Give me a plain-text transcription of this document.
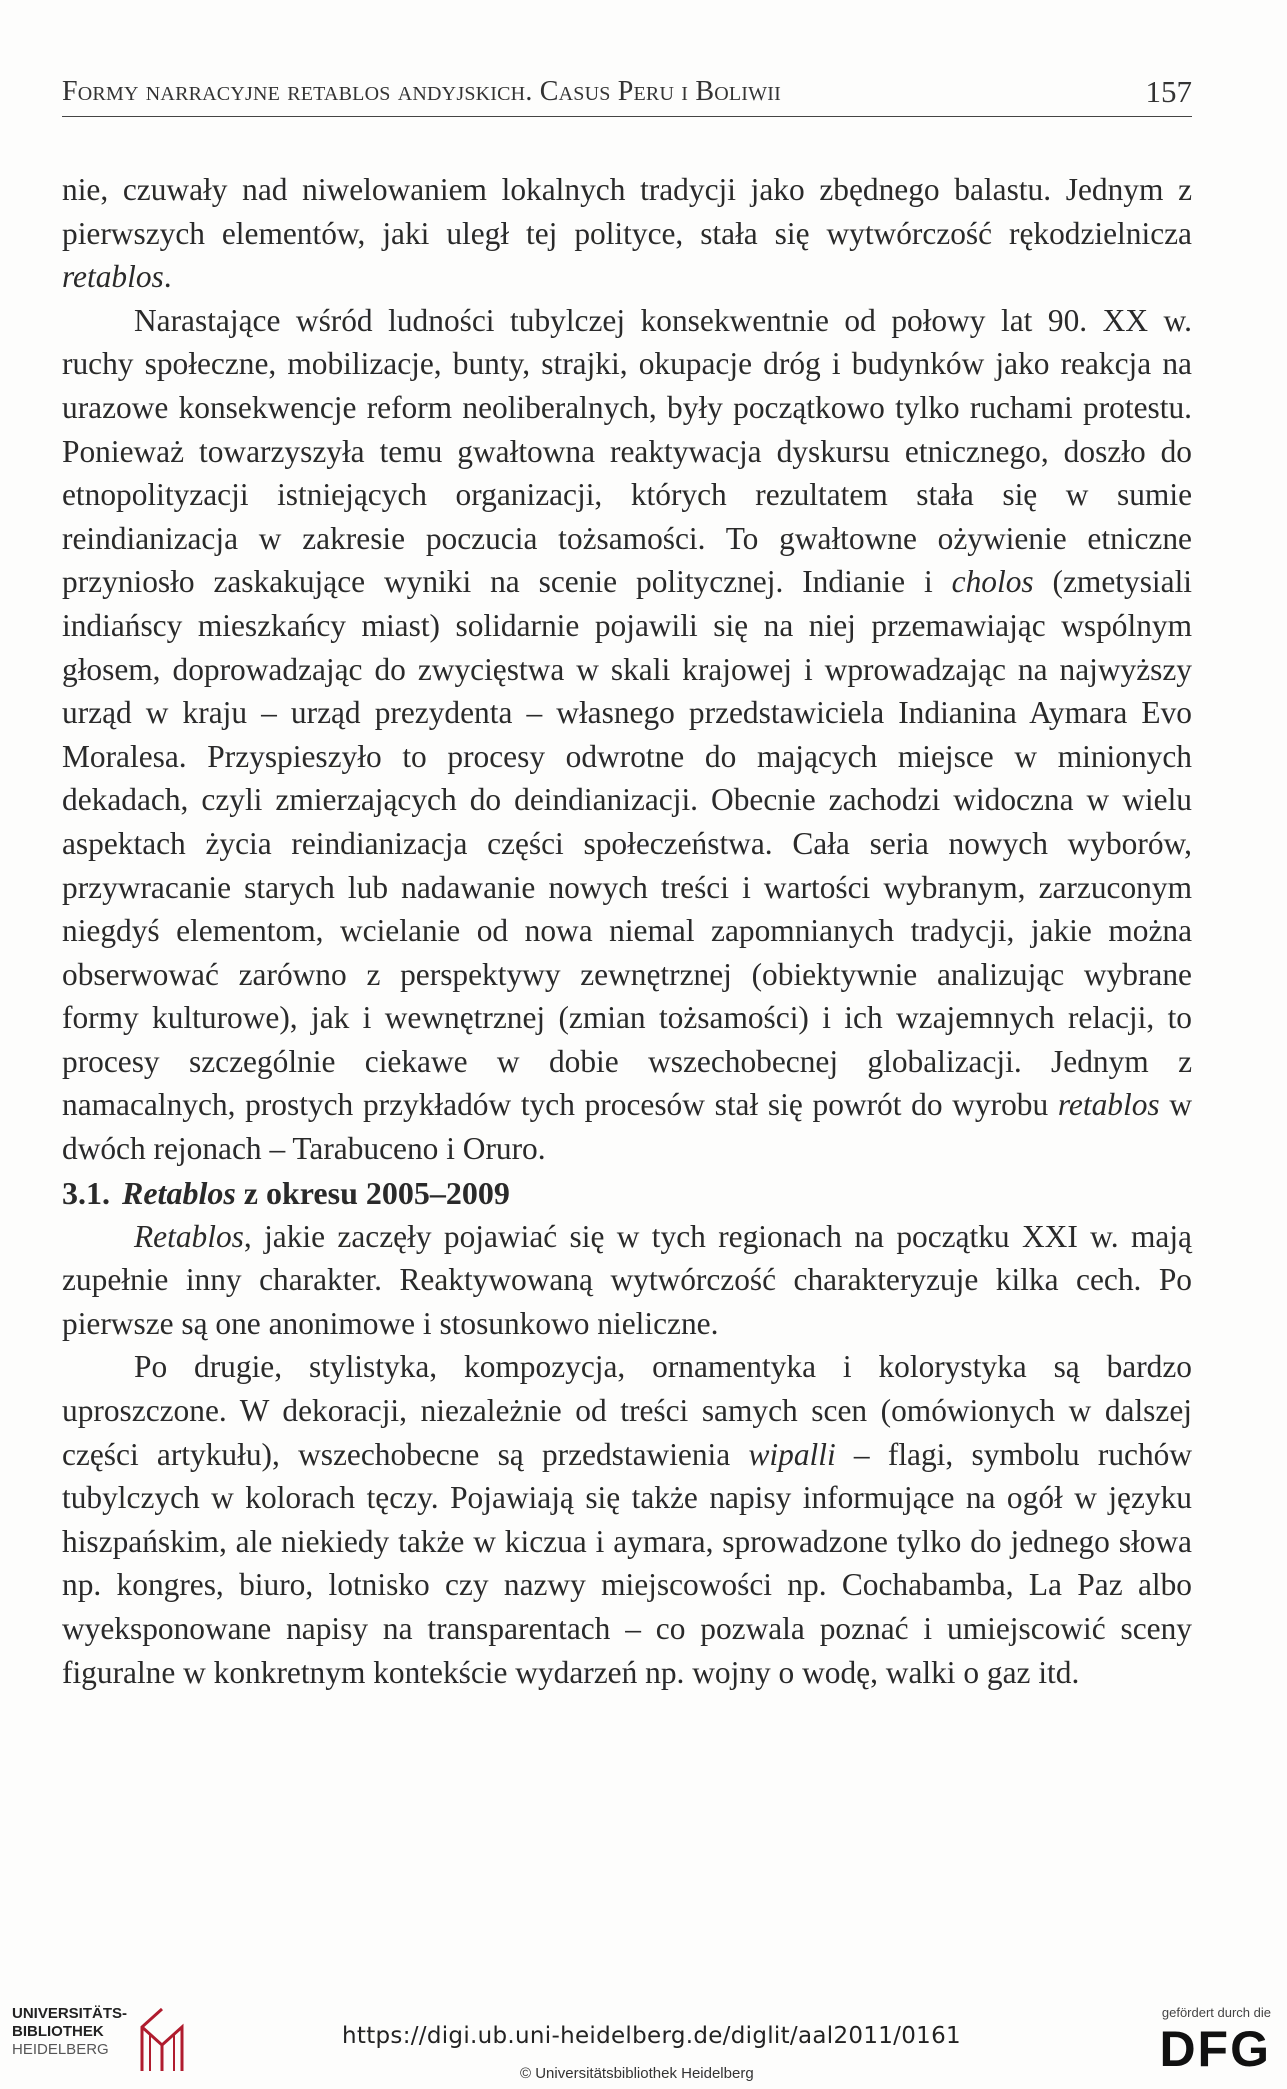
Formy narracyjne retablos andyjskich. Casus Peru i Boliwii	157

nie, czuwały nad niwelowaniem lokalnych tradycji jako zbędnego balastu. Jednym z pierwszych elementów, jaki uległ tej polityce, stała się wytwórczość rękodzielnicza retablos.

Narastające wśród ludności tubylczej konsekwentnie od połowy lat 90. XX w. ruchy społeczne, mobilizacje, bunty, strajki, okupacje dróg i budynków jako reakcja na urazowe konsekwencje reform neoliberalnych, były początkowo tylko ruchami protestu. Ponieważ towarzyszyła temu gwałtowna reaktywacja dyskursu etnicznego, doszło do etnopolityzacji istniejących organizacji, których rezultatem stała się w sumie reindianizacja w zakresie poczucia tożsamości. To gwałtowne ożywienie etniczne przyniosło zaskakujące wyniki na scenie politycznej. Indianie i cholos (zmetysiali indiańscy mieszkańcy miast) solidarnie pojawili się na niej przemawiając wspólnym głosem, doprowadzając do zwycięstwa w skali krajowej i wprowadzając na najwyższy urząd w kraju – urząd prezydenta – własnego przedstawiciela Indianina Aymara Evo Moralesa. Przyspieszyło to procesy odwrotne do mających miejsce w minionych dekadach, czyli zmierzających do deindianizacji. Obecnie zachodzi widoczna w wielu aspektach życia reindianizacja części społeczeństwa. Cała seria nowych wyborów, przywracanie starych lub nadawanie nowych treści i wartości wybranym, zarzuconym niegdyś elementom, wcielanie od nowa niemal zapomnianych tradycji, jakie można obserwować zarówno z perspektywy zewnętrznej (obiektywnie analizując wybrane formy kulturowe), jak i wewnętrznej (zmian tożsamości) i ich wzajemnych relacji, to procesy szczególnie ciekawe w dobie wszechobecnej globalizacji. Jednym z namacalnych, prostych przykładów tych procesów stał się powrót do wyrobu retablos w dwóch rejonach – Tarabuceno i Oruro.

3.1. Retablos z okresu 2005–2009

Retablos, jakie zaczęły pojawiać się w tych regionach na początku XXI w. mają zupełnie inny charakter. Reaktywowaną wytwórczość charakteryzuje kilka cech. Po pierwsze są one anonimowe i stosunkowo nieliczne.

Po drugie, stylistyka, kompozycja, ornamentyka i kolorystyka są bardzo uproszczone. W dekoracji, niezależnie od treści samych scen (omówionych w dalszej części artykułu), wszechobecne są przedstawienia wipalli – flagi, symbolu ruchów tubylczych w kolorach tęczy. Pojawiają się także napisy informujące na ogół w języku hiszpańskim, ale niekiedy także w kiczua i aymara, sprowadzone tylko do jednego słowa np. kongres, biuro, lotnisko czy nazwy miejscowości np. Cochabamba, La Paz albo wyeksponowane napisy na transparentach – co pozwala poznać i umiejscowić sceny figuralne w konkretnym kontekście wydarzeń np. wojny o wodę, walki o gaz itd.

UNIVERSITÄTS-
BIBLIOTHEK
HEIDELBERG
https://digi.ub.uni-heidelberg.de/diglit/aal2011/0161
© Universitätsbibliothek Heidelberg
gefördert durch die
DFG
